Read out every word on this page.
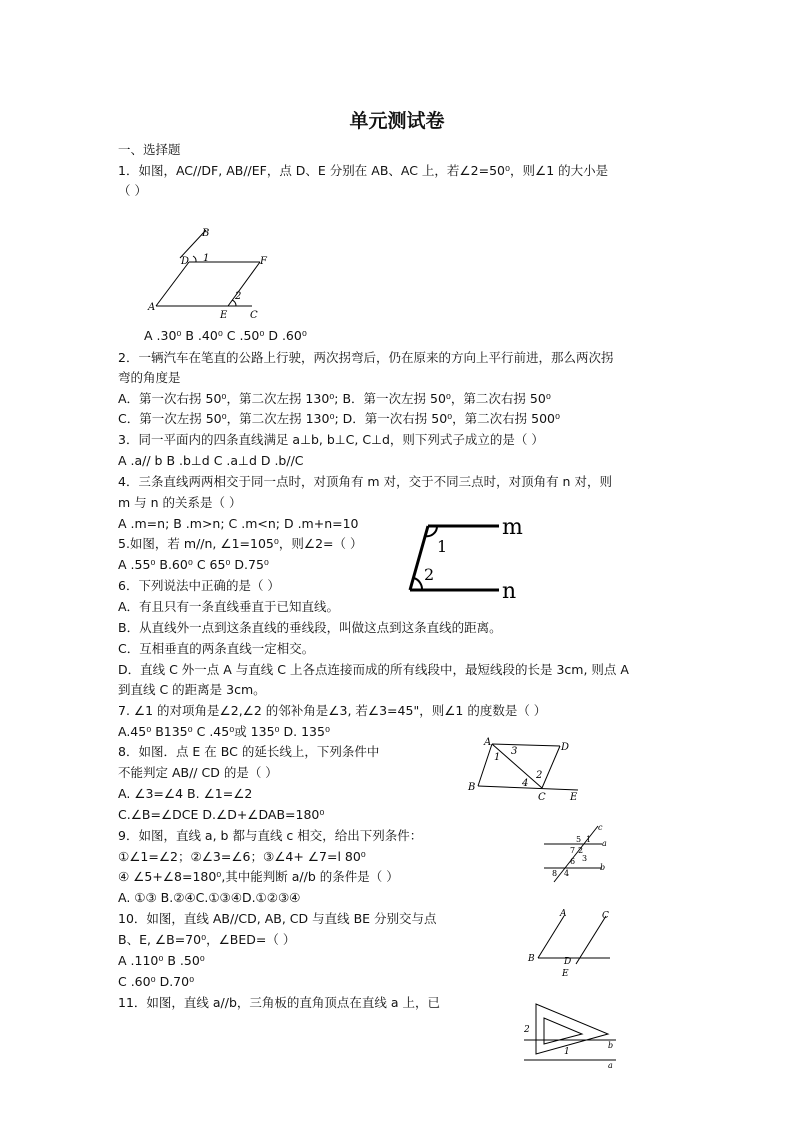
单元测试卷
一、选择题
1．如图，AC//DF, AB//EF，点 D、E 分别在 AB、AC 上，若∠2=50⁰，则∠1 的大小是
（ ）
B
D 1	F
2
A
E C
A .30⁰ B .40⁰ C .50⁰ D .60⁰
2．一辆汽车在笔直的公路上行驶，两次拐弯后，仍在原来的方向上平行前进，那么两次拐
弯的角度是
A．第一次右拐 50⁰，第二次左拐 130⁰; B．第一次左拐 50⁰，第二次右拐 50⁰
C．第一次左拐 50⁰，第二次左拐 130⁰; D．第一次右拐 50⁰，第二次右拐 500⁰
3．同一平面内的四条直线满足 a⊥b, b⊥C, C⊥d，则下列式子成立的是（ ）
A .a// b B .b⊥d C .a⊥d D .b//C
4．三条直线两两相交于同一点时，对顶角有 m 对，交于不同三点时，对顶角有 n 对，则
m 与 n 的关系是（ ）
A .m=n; B .m>n; C .m<n; D .m+n=10
5.如图，若 m//n, ∠1=105⁰，则∠2=（ ）
A .55⁰ B.60⁰ C 65⁰ D.75⁰
m
n
1
2
6．下列说法中正确的是（ ）
A．有且只有一条直线垂直于已知直线。
B．从直线外一点到这条直线的垂线段，叫做这点到这条直线的距离。
C．互相垂直的两条直线一定相交。
D．直线 C 外一点 A 与直线 C 上各点连接而成的所有线段中，最短线段的长是 3cm, 则点 A
到直线 C 的距离是 3cm。
7. ∠1 的对项角是∠2,∠2 的邻补角是∠3, 若∠3=45"，则∠1 的度数是（ ）
A.45⁰ B135⁰ C .45⁰或 135⁰ D. 135⁰
8．如图．点 E 在 BC 的延长线上，下列条件中
不能判定 AB// CD 的是（ ）
A. ∠3=∠4 B. ∠1=∠2
C.∠B=∠DCE D.∠D+∠DAB=180⁰
A	D
3
1
2
4
B
C E
9．如图，直线 a, b 都与直线 c 相交，给出下列条件：
①∠1=∠2；②∠3=∠6；③∠4+ ∠7=l 80⁰
④ ∠5+∠8=180⁰,其中能判断 a//b 的条件是（ ）
A. ①③ B.②④C.①③④D.①②③④
c
a
b
5 1
7 2
3
6
8 4
10．如图，直线 AB//CD, AB, CD 与直线 BE 分别交与点
B、E, ∠B=70⁰，∠BED=（ ）
A .110⁰ B .50⁰
C .60⁰ D.70⁰
A	C
B	D
E
11．如图，直线 a//b，三角板的直角顶点在直线 a 上，已
2
1
b
a
